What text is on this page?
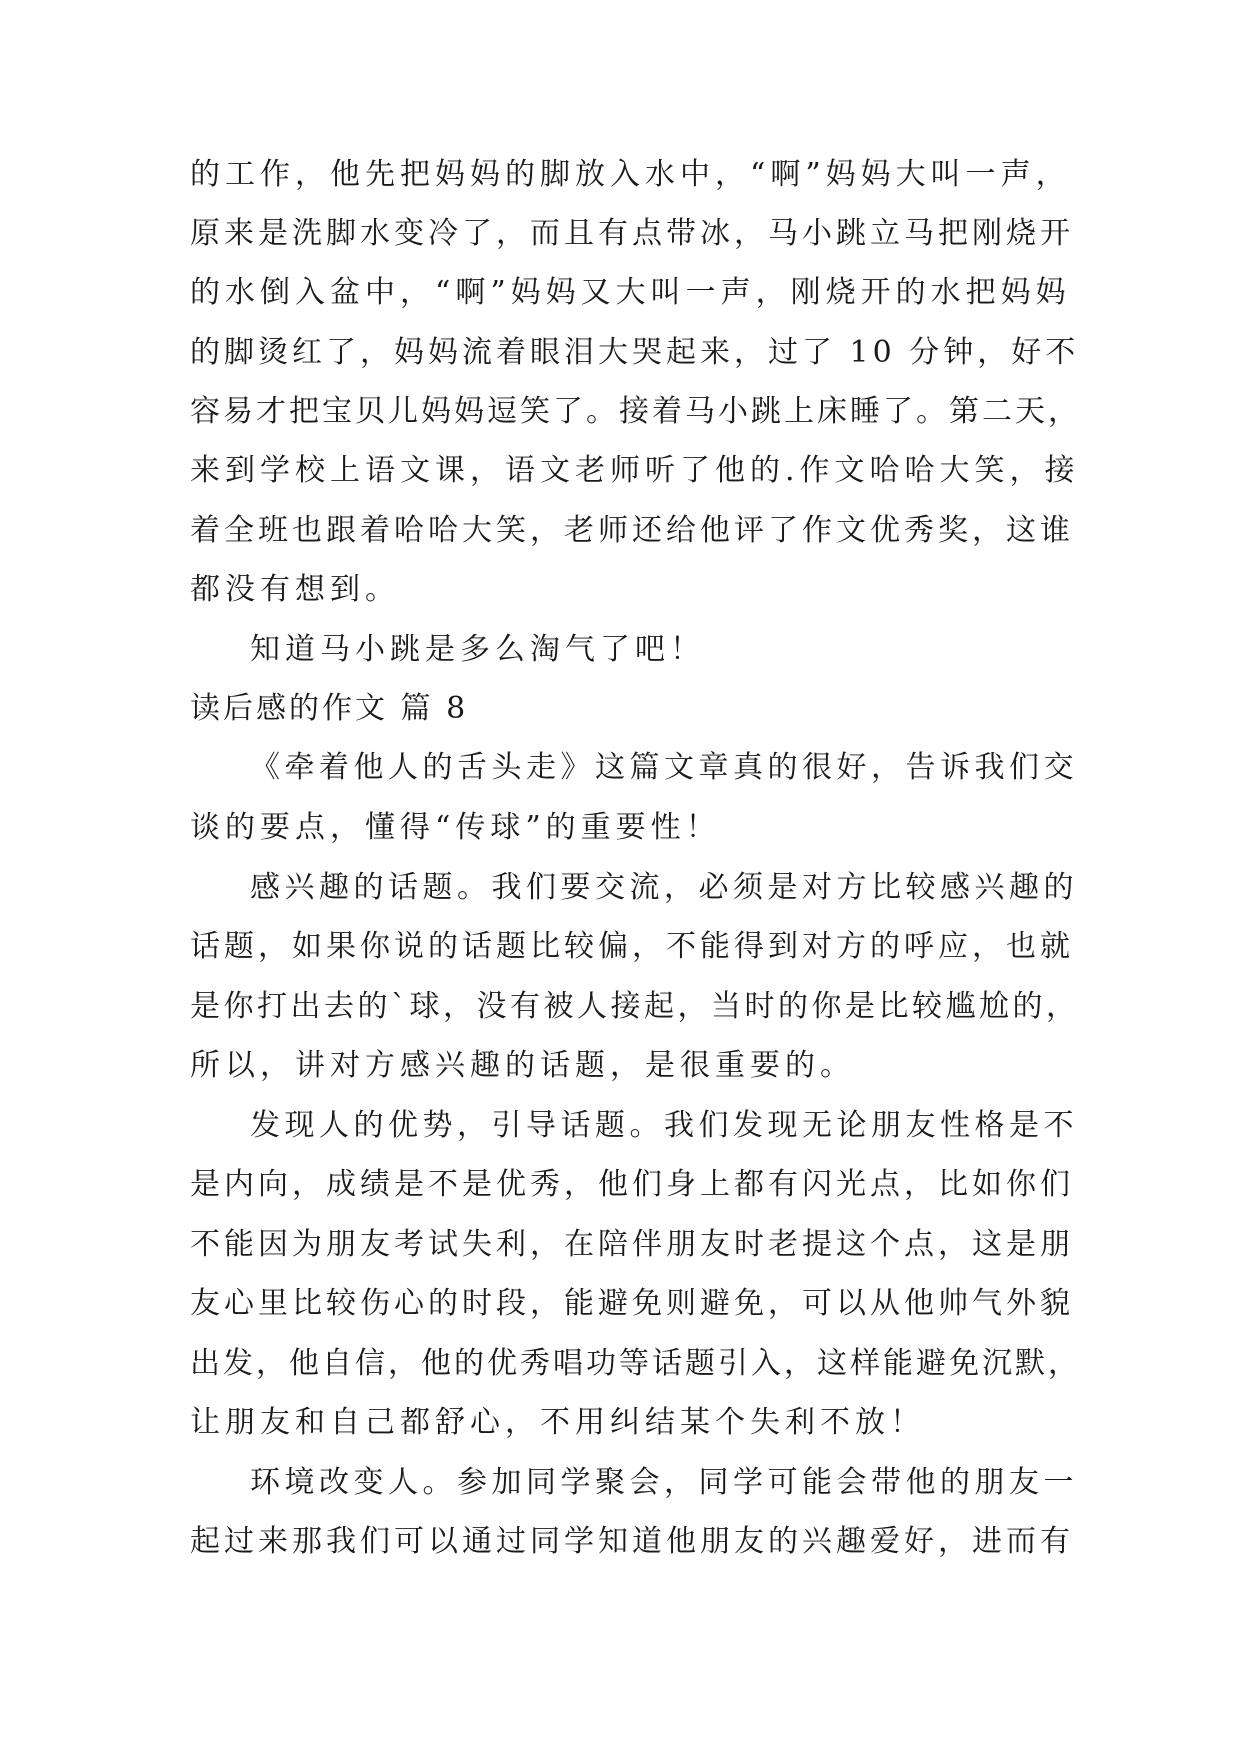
的工作，他先把妈妈的脚放入水中，“啊”妈妈大叫一声，
原来是洗脚水变冷了，而且有点带冰，马小跳立马把刚烧开
的水倒入盆中，“啊”妈妈又大叫一声，刚烧开的水把妈妈
的脚烫红了，妈妈流着眼泪大哭起来，过了 10 分钟，好不
容易才把宝贝儿妈妈逗笑了。接着马小跳上床睡了。第二天，
来到学校上语文课，语文老师听了他的.作文哈哈大笑，接
着全班也跟着哈哈大笑，老师还给他评了作文优秀奖，这谁
都没有想到。
知道马小跳是多么淘气了吧！
读后感的作文 篇 8
《牵着他人的舌头走》这篇文章真的很好，告诉我们交
谈的要点，懂得“传球”的重要性！
感兴趣的话题。我们要交流，必须是对方比较感兴趣的
话题，如果你说的话题比较偏，不能得到对方的呼应，也就
是你打出去的`球，没有被人接起，当时的你是比较尴尬的，
所以，讲对方感兴趣的话题，是很重要的。
发现人的优势，引导话题。我们发现无论朋友性格是不
是内向，成绩是不是优秀，他们身上都有闪光点，比如你们
不能因为朋友考试失利，在陪伴朋友时老提这个点，这是朋
友心里比较伤心的时段，能避免则避免，可以从他帅气外貌
出发，他自信，他的优秀唱功等话题引入，这样能避免沉默，
让朋友和自己都舒心，不用纠结某个失利不放！
环境改变人。参加同学聚会，同学可能会带他的朋友一
起过来那我们可以通过同学知道他朋友的兴趣爱好，进而有
